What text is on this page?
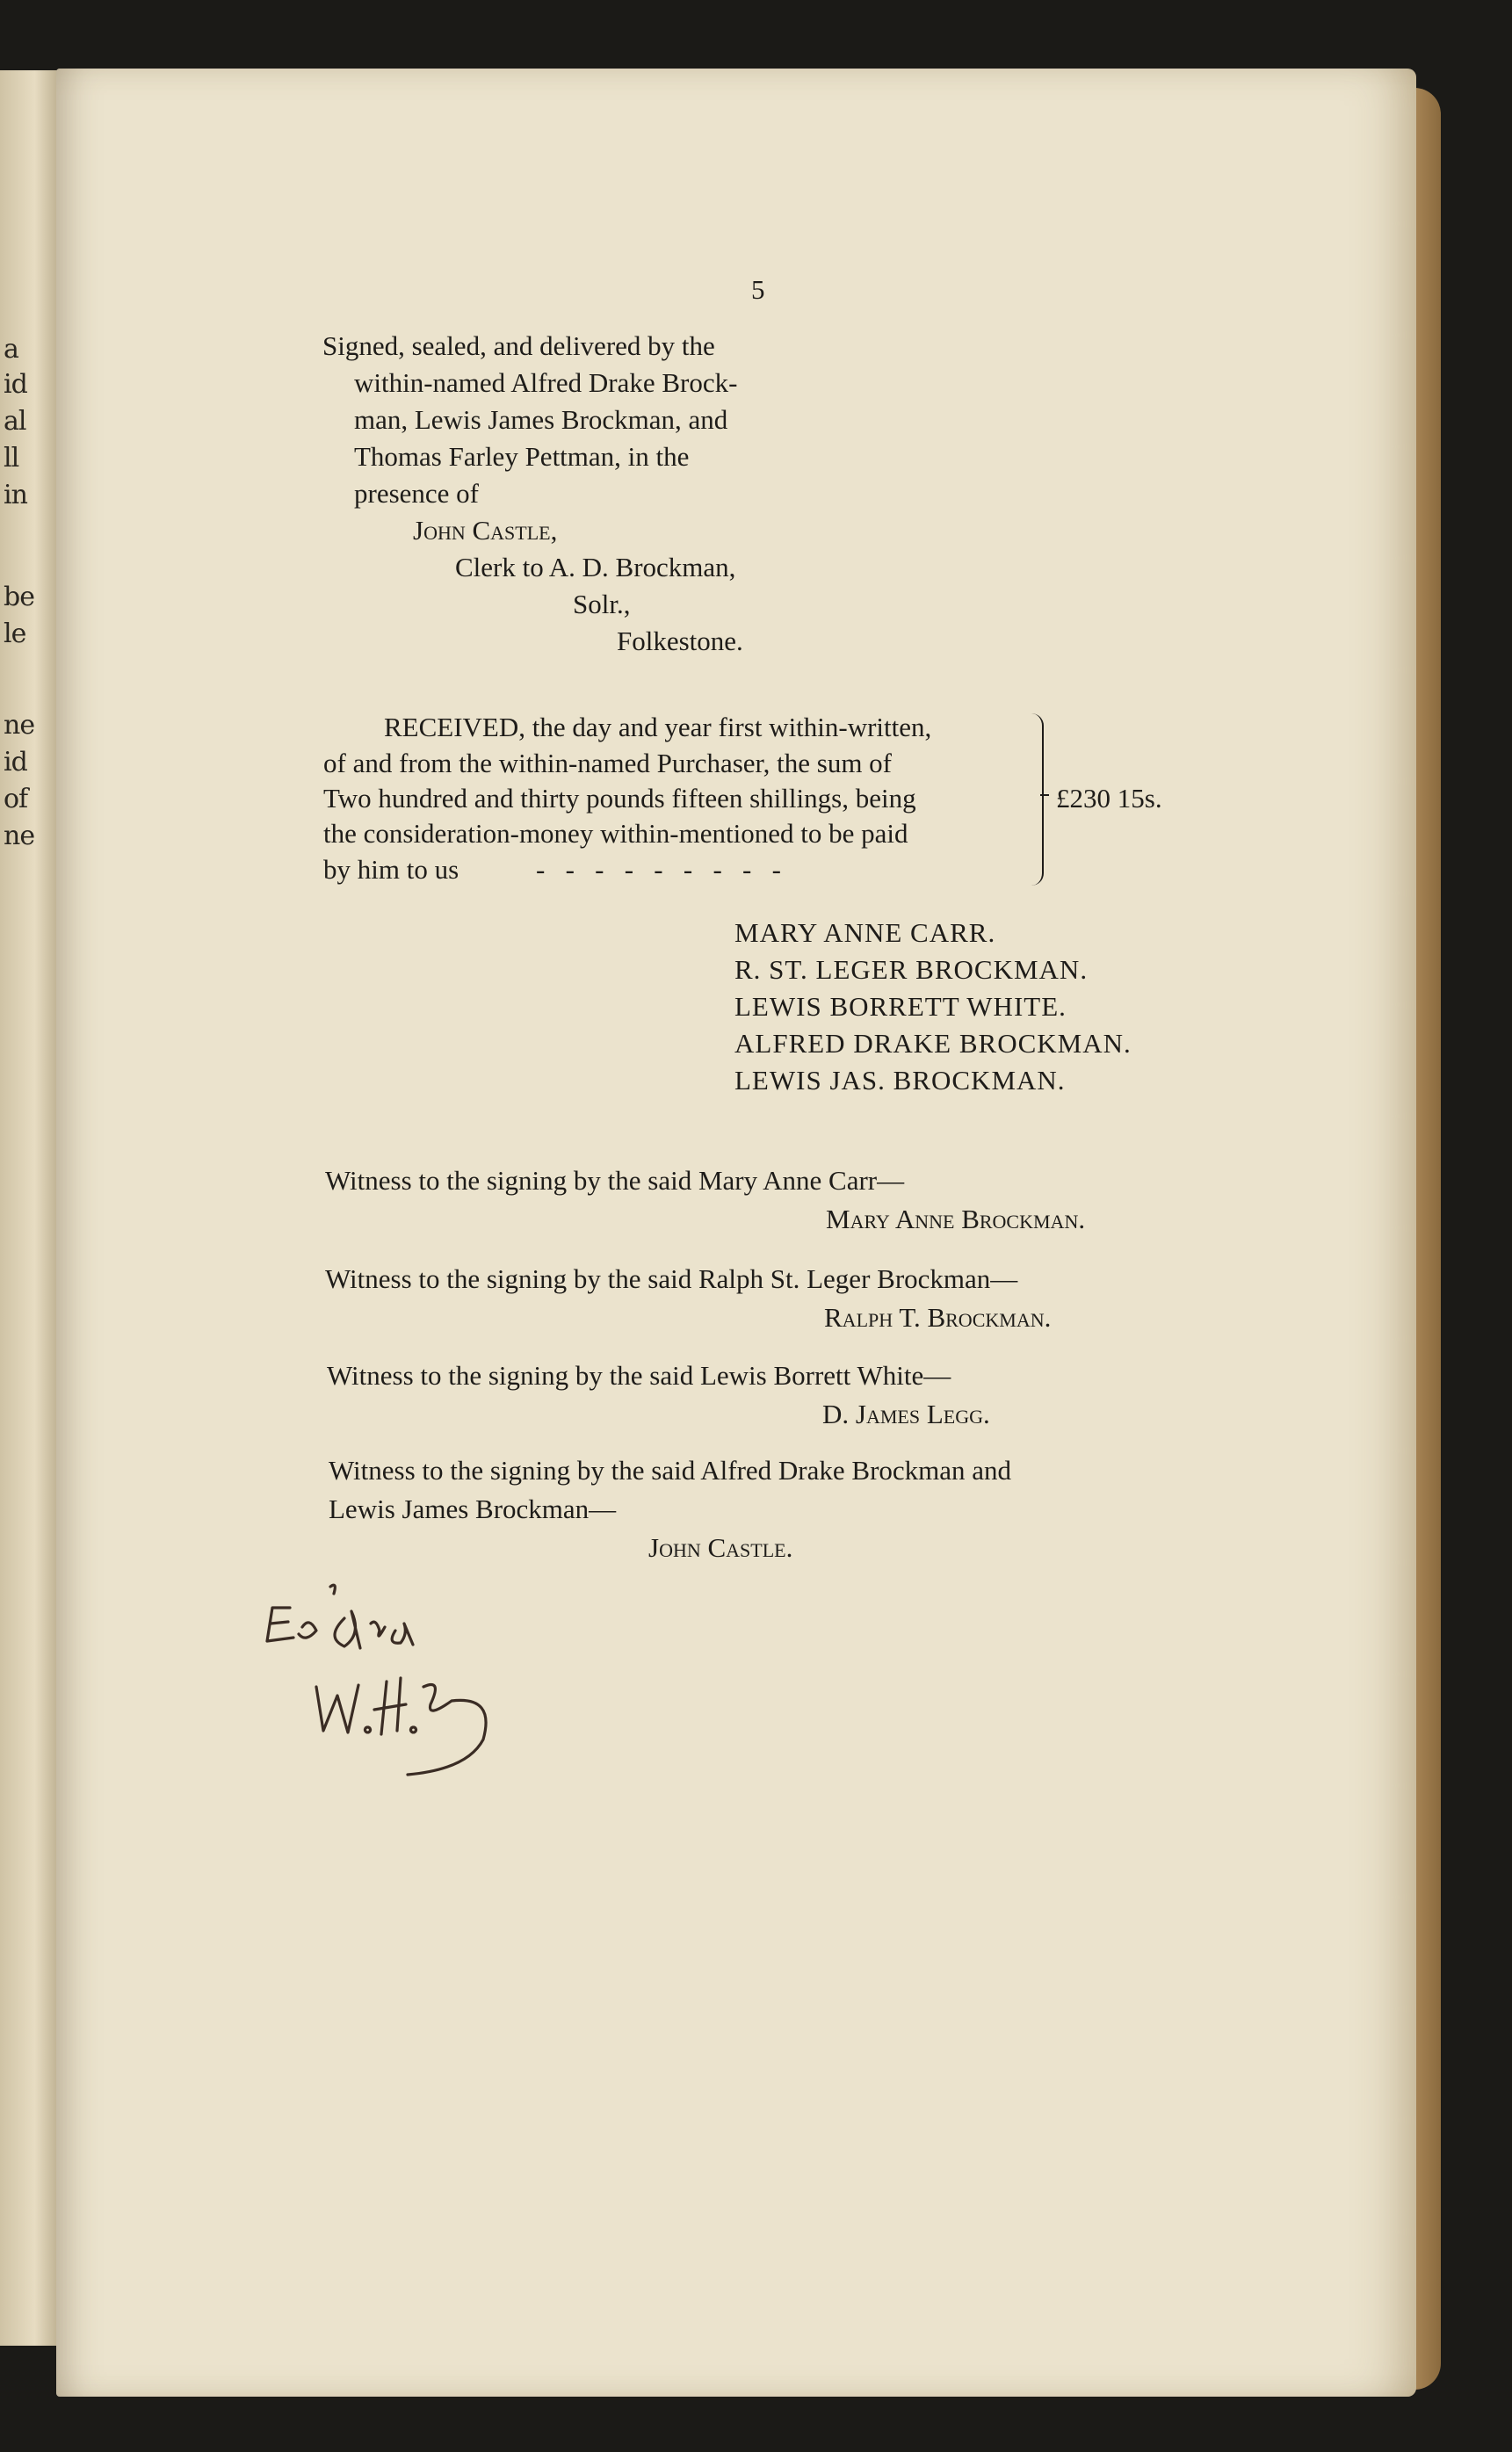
a
id
al
ll
in
be
le
ne
id
of
ne
5
Signed, sealed, and delivered by the
within-named Alfred Drake Brock-
man, Lewis James Brockman, and
Thomas Farley Pettman, in the
presence of
John Castle,
Clerk to A. D. Brockman,
Solr.,
Folkestone.
RECEIVED, the day and year first within-written,
of and from the within-named Purchaser, the sum of
Two hundred and thirty pounds fifteen shillings, being
the consideration-money within-mentioned to be paid
by him to us	-   -   -   -   -   -   -   -   -
£230 15s.
MARY ANNE CARR.
R. ST. LEGER BROCKMAN.
LEWIS BORRETT WHITE.
ALFRED DRAKE BROCKMAN.
LEWIS JAS. BROCKMAN.
Witness to the signing by the said Mary Anne Carr—
Mary Anne Brockman.
Witness to the signing by the said Ralph St. Leger Brockman—
Ralph T. Brockman.
Witness to the signing by the said Lewis Borrett White—
D. James Legg.
Witness to the signing by the said Alfred Drake Brockman and
Lewis James Brockman—
John Castle.
